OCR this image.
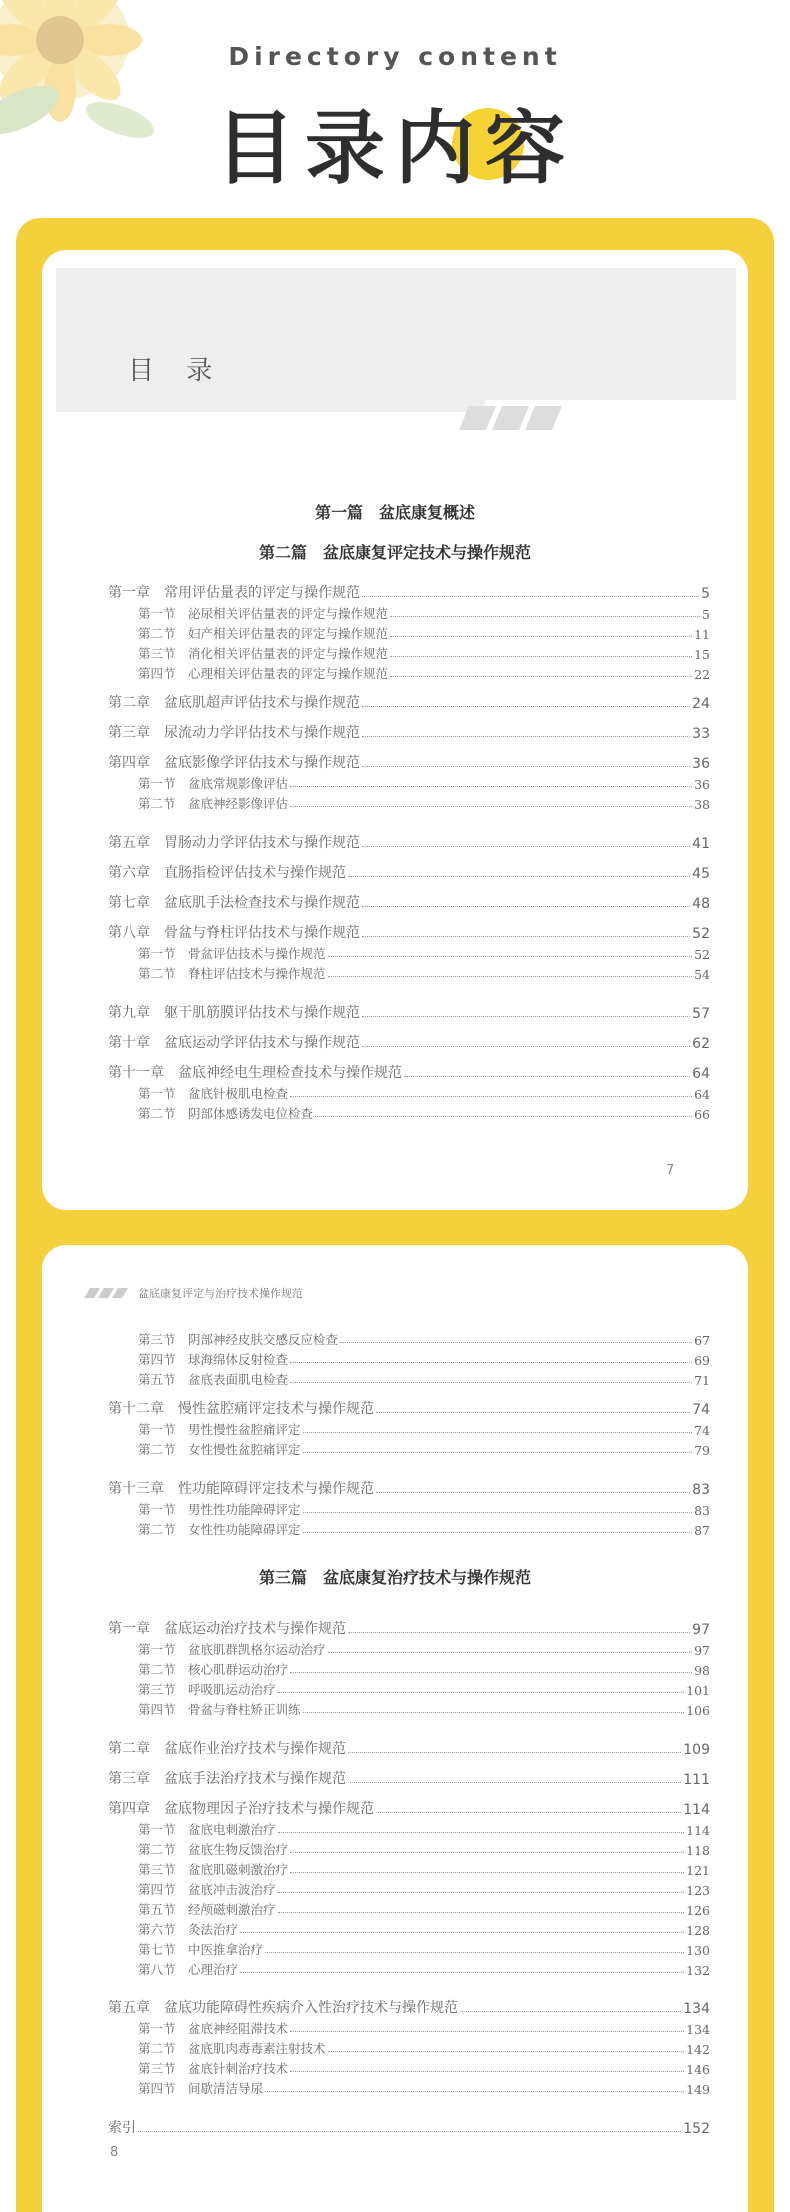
Directory content
目录内容
目 录
第一篇　盆底康复概述
第二篇　盆底康复评定技术与操作规范
第一章　常用评估量表的评定与操作规范	5
第一节　泌尿相关评估量表的评定与操作规范	5
第二节　妇产相关评估量表的评定与操作规范	11
第三节　消化相关评估量表的评定与操作规范	15
第四节　心理相关评估量表的评定与操作规范	22
第二章　盆底肌超声评估技术与操作规范	24
第三章　尿流动力学评估技术与操作规范	33
第四章　盆底影像学评估技术与操作规范	36
第一节　盆底常规影像评估	36
第二节　盆底神经影像评估	38
第五章　胃肠动力学评估技术与操作规范	41
第六章　直肠指检评估技术与操作规范	45
第七章　盆底肌手法检查技术与操作规范	48
第八章　骨盆与脊柱评估技术与操作规范	52
第一节　骨盆评估技术与操作规范	52
第二节　脊柱评估技术与操作规范	54
第九章　躯干肌筋膜评估技术与操作规范	57
第十章　盆底运动学评估技术与操作规范	62
第十一章　盆底神经电生理检查技术与操作规范	64
第一节　盆底针极肌电检查	64
第二节　阴部体感诱发电位检查	66
7
盆底康复评定与治疗技术操作规范
第三篇　盆底康复治疗技术与操作规范
第三节　阴部神经皮肤交感反应检查	67
第四节　球海绵体反射检查	69
第五节　盆底表面肌电检查	71
第十二章　慢性盆腔痛评定技术与操作规范	74
第一节　男性慢性盆腔痛评定	74
第二节　女性慢性盆腔痛评定	79
第十三章　性功能障碍评定技术与操作规范	83
第一节　男性性功能障碍评定	83
第二节　女性性功能障碍评定	87
第一章　盆底运动治疗技术与操作规范	97
第一节　盆底肌群凯格尔运动治疗	97
第二节　核心肌群运动治疗	98
第三节　呼吸肌运动治疗	101
第四节　骨盆与脊柱矫正训练	106
第二章　盆底作业治疗技术与操作规范	109
第三章　盆底手法治疗技术与操作规范	111
第四章　盆底物理因子治疗技术与操作规范	114
第一节　盆底电刺激治疗	114
第二节　盆底生物反馈治疗	118
第三节　盆底肌磁刺激治疗	121
第四节　盆底冲击波治疗	123
第五节　经颅磁刺激治疗	126
第六节　灸法治疗	128
第七节　中医推拿治疗	130
第八节　心理治疗	132
第五章　盆底功能障碍性疾病介入性治疗技术与操作规范	134
第一节　盆底神经阻滞技术	134
第二节　盆底肌肉毒毒素注射技术	142
第三节　盆底针刺治疗技术	146
第四节　间歇清洁导尿	149
索引	152
8
